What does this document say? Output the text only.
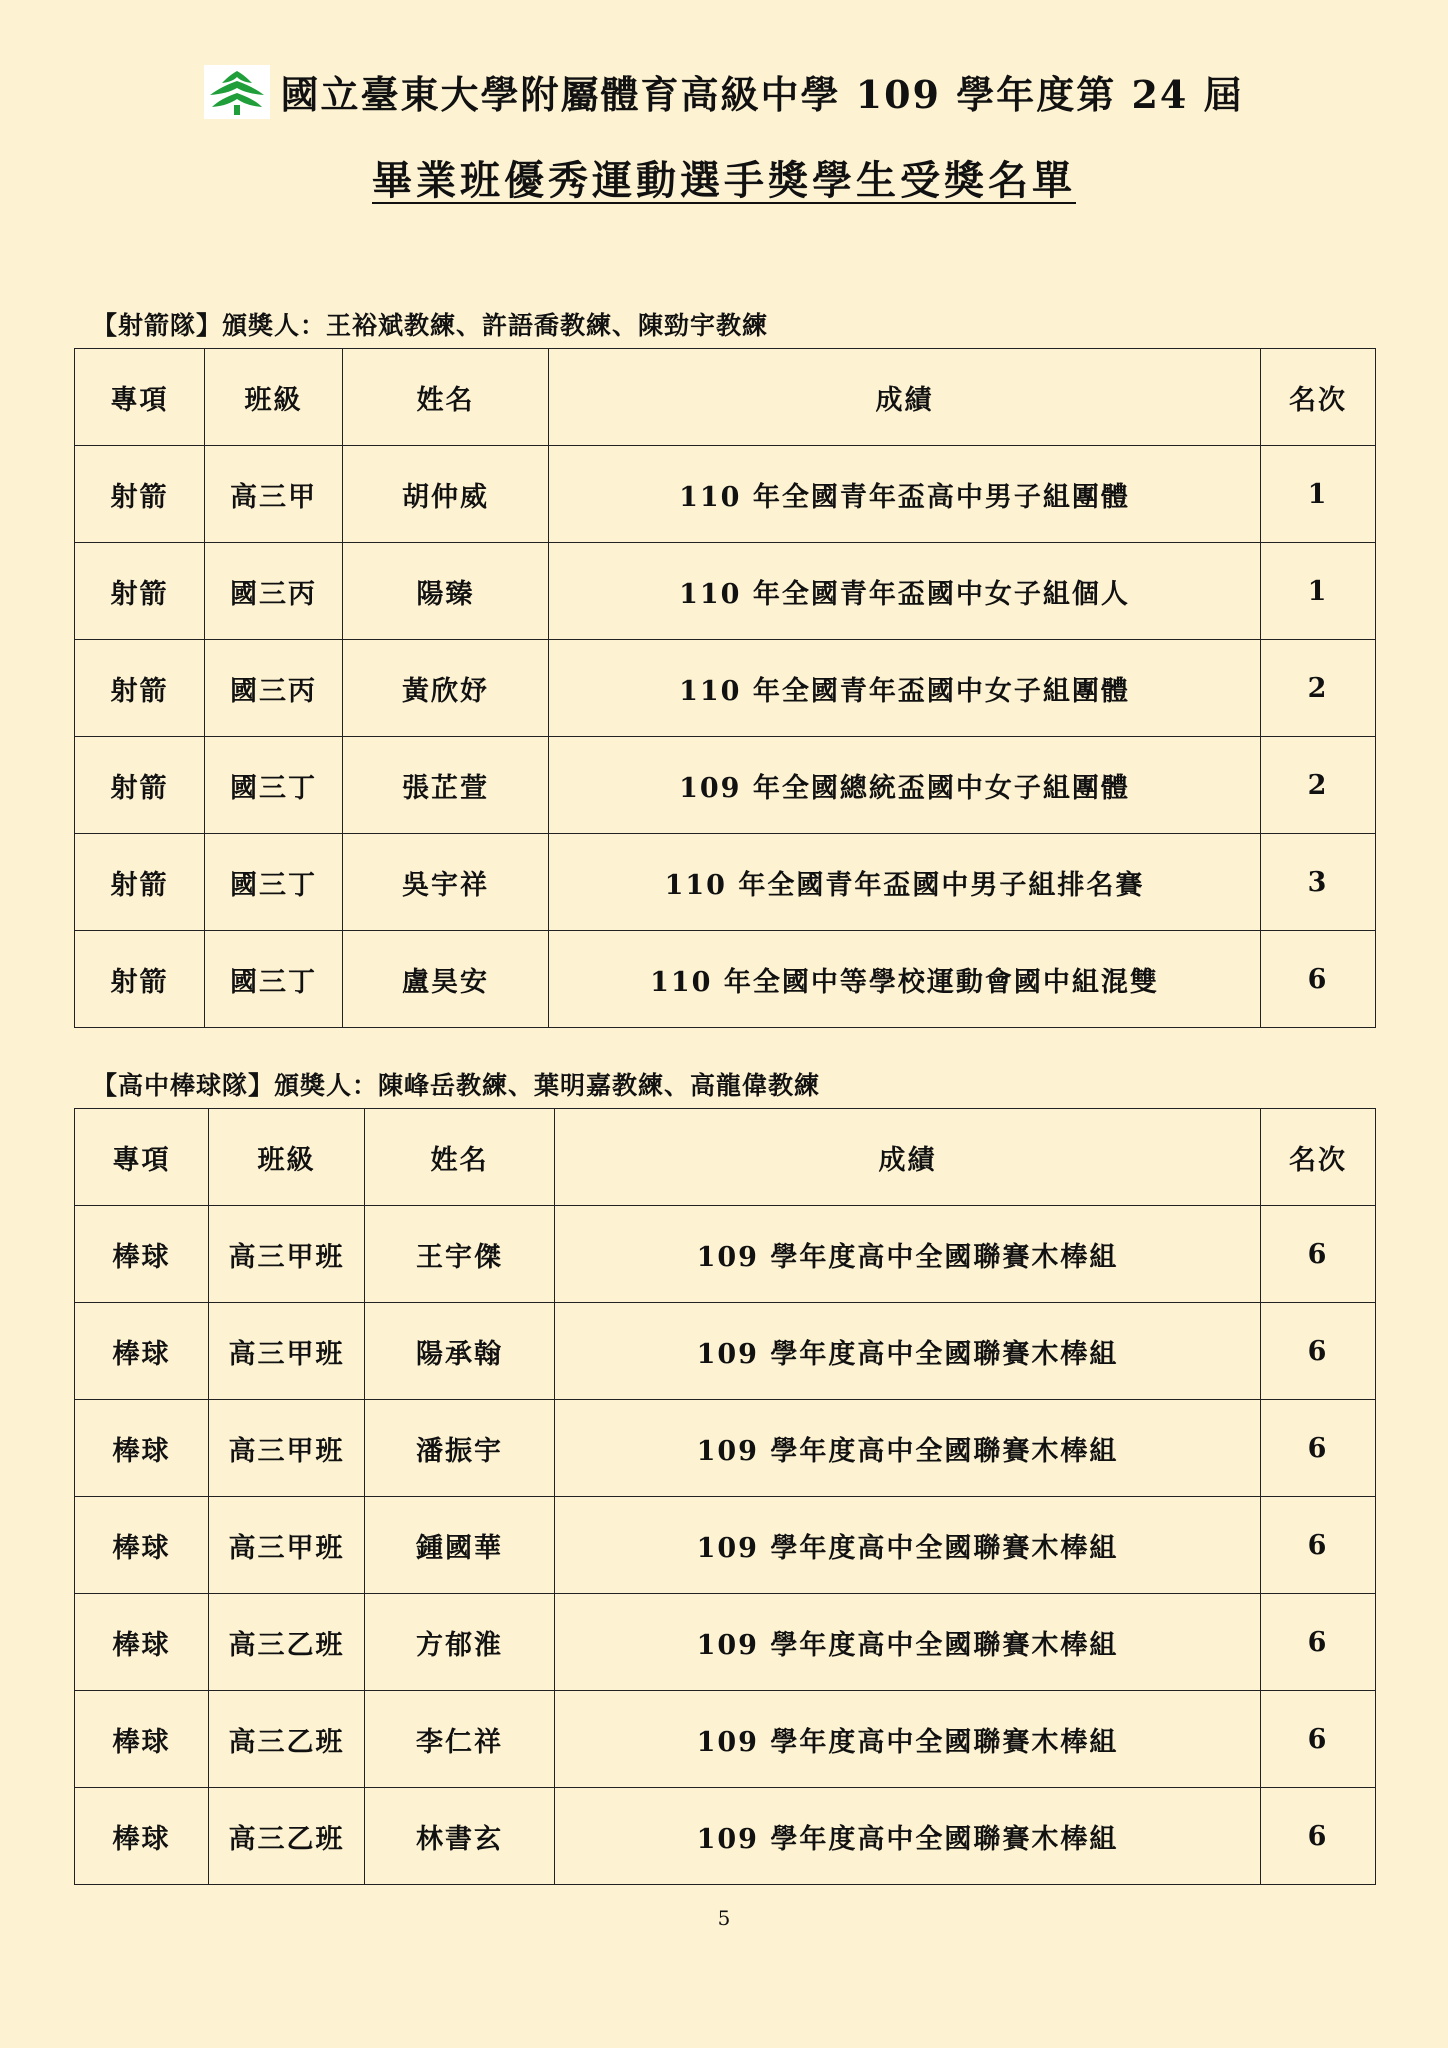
國立臺東大學附屬體育高級中學 109 學年度第 24 屆
畢業班優秀運動選手獎學生受獎名單
【射箭隊】頒獎人：王裕斌教練、許語喬教練、陳勁宇教練
專項	班級	姓名	成績	名次
射箭	高三甲	胡仲威	110 年全國青年盃高中男子組團體	1
射箭	國三丙	陽臻	110 年全國青年盃國中女子組個人	1
射箭	國三丙	黃欣妤	110 年全國青年盃國中女子組團體	2
射箭	國三丁	張芷萱	109 年全國總統盃國中女子組團體	2
射箭	國三丁	吳宇祥	110 年全國青年盃國中男子組排名賽	3
射箭	國三丁	盧昊安	110 年全國中等學校運動會國中組混雙	6
【高中棒球隊】頒獎人：陳峰岳教練、葉明嘉教練、高龍偉教練
專項	班級	姓名	成績	名次
棒球	高三甲班	王宇傑	109 學年度高中全國聯賽木棒組	6
棒球	高三甲班	陽承翰	109 學年度高中全國聯賽木棒組	6
棒球	高三甲班	潘振宇	109 學年度高中全國聯賽木棒組	6
棒球	高三甲班	鍾國華	109 學年度高中全國聯賽木棒組	6
棒球	高三乙班	方郁淮	109 學年度高中全國聯賽木棒組	6
棒球	高三乙班	李仁祥	109 學年度高中全國聯賽木棒組	6
棒球	高三乙班	林書玄	109 學年度高中全國聯賽木棒組	6
5
